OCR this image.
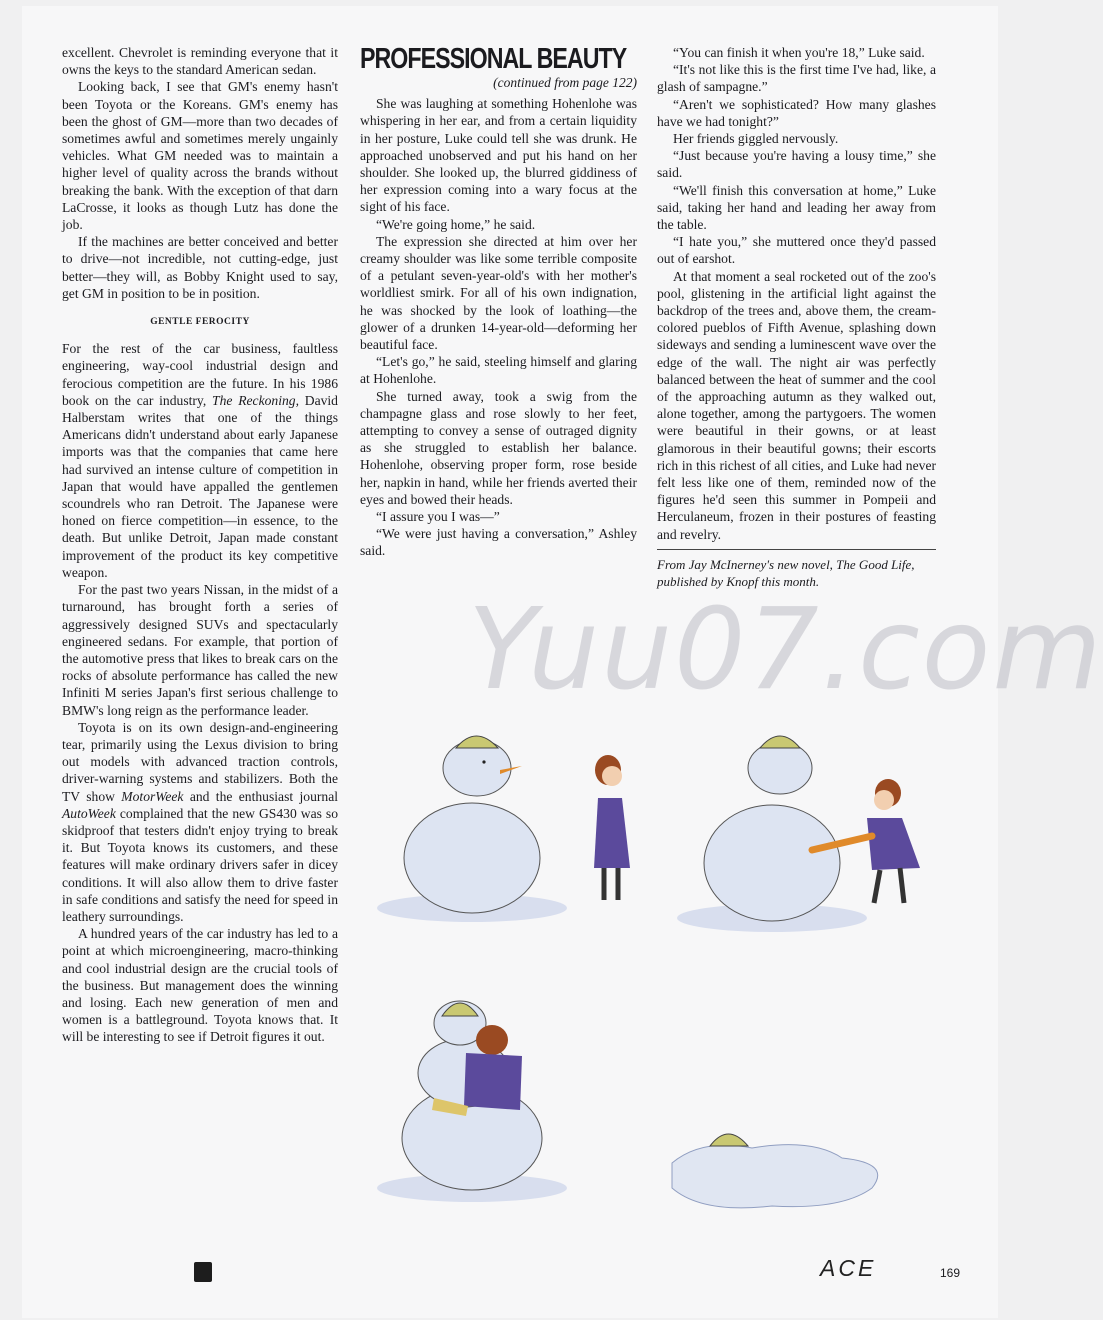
excellent. Chevrolet is reminding everyone that it owns the keys to the standard American sedan.

Looking back, I see that GM's enemy hasn't been Toyota or the Koreans. GM's enemy has been the ghost of GM—more than two decades of sometimes awful and sometimes merely ungainly vehicles. What GM needed was to maintain a higher level of quality across the brands without breaking the bank. With the exception of that darn LaCrosse, it looks as though Lutz has done the job.

If the machines are better conceived and better to drive—not incredible, not cutting-edge, just better—they will, as Bobby Knight used to say, get GM in position to be in position.

GENTLE FEROCITY

For the rest of the car business, faultless engineering, way-cool industrial design and ferocious competition are the future. In his 1986 book on the car industry, The Reckoning, David Halberstam writes that one of the things Americans didn't understand about early Japanese imports was that the companies that came here had survived an intense culture of competition in Japan that would have appalled the gentlemen scoundrels who ran Detroit. The Japanese were honed on fierce competition—in essence, to the death. But unlike Detroit, Japan made constant improvement of the product its key competitive weapon.

For the past two years Nissan, in the midst of a turnaround, has brought forth a series of aggressively designed SUVs and spectacularly engineered sedans. For example, that portion of the automotive press that likes to break cars on the rocks of absolute performance has called the new Infiniti M series Japan's first serious challenge to BMW's long reign as the performance leader.

Toyota is on its own design-and-engineering tear, primarily using the Lexus division to bring out models with advanced traction controls, driver-warning systems and stabilizers. Both the TV show MotorWeek and the enthusiast journal AutoWeek complained that the new GS430 was so skidproof that testers didn't enjoy trying to break it. But Toyota knows its customers, and these features will make ordinary drivers safer in dicey conditions. It will also allow them to drive faster in safe conditions and satisfy the need for speed in leathery surroundings.

A hundred years of the car industry has led to a point at which microengineering, macro-thinking and cool industrial design are the crucial tools of the business. But management does the winning and losing. Each new generation of men and women is a battleground. Toyota knows that. It will be interesting to see if Detroit figures it out.

PROFESSIONAL BEAUTY
(continued from page 122)

She was laughing at something Hohenlohe was whispering in her ear, and from a certain liquidity in her posture, Luke could tell she was drunk. He approached unobserved and put his hand on her shoulder. She looked up, the blurred giddiness of her expression coming into a wary focus at the sight of his face.

“We're going home,” he said.

The expression she directed at him over her creamy shoulder was like some terrible composite of a petulant seven-year-old's with her mother's worldliest smirk. For all of his own indignation, he was shocked by the look of loathing—the glower of a drunken 14-year-old—deforming her beautiful face.

“Let's go,” he said, steeling himself and glaring at Hohenlohe.

She turned away, took a swig from the champagne glass and rose slowly to her feet, attempting to convey a sense of outraged dignity as she struggled to establish her balance. Hohenlohe, observing proper form, rose beside her, napkin in hand, while her friends averted their eyes and bowed their heads.

“I assure you I was—”

“We were just having a conversation,” Ashley said.

“You can finish it when you're 18,” Luke said.

“It's not like this is the first time I've had, like, a glash of sampagne.”

“Aren't we sophisticated? How many glashes have we had tonight?”

Her friends giggled nervously.

“Just because you're having a lousy time,” she said.

“We'll finish this conversation at home,” Luke said, taking her hand and leading her away from the table.

“I hate you,” she muttered once they'd passed out of earshot.

At that moment a seal rocketed out of the zoo's pool, glistening in the artificial light against the backdrop of the trees and, above them, the cream-colored pueblos of Fifth Avenue, splashing down sideways and sending a luminescent wave over the edge of the wall. The night air was perfectly balanced between the heat of summer and the cool of the approaching autumn as they walked out, alone together, among the partygoers. The women were beautiful in their gowns, or at least glamorous in their beautiful gowns; their escorts rich in this richest of all cities, and Luke had never felt less like one of them, reminded now of the figures he'd seen this summer in Pompeii and Herculaneum, frozen in their postures of feasting and revelry.

From Jay McInerney's new novel, The Good Life, published by Knopf this month.
Yuu07.com
ACE	169
